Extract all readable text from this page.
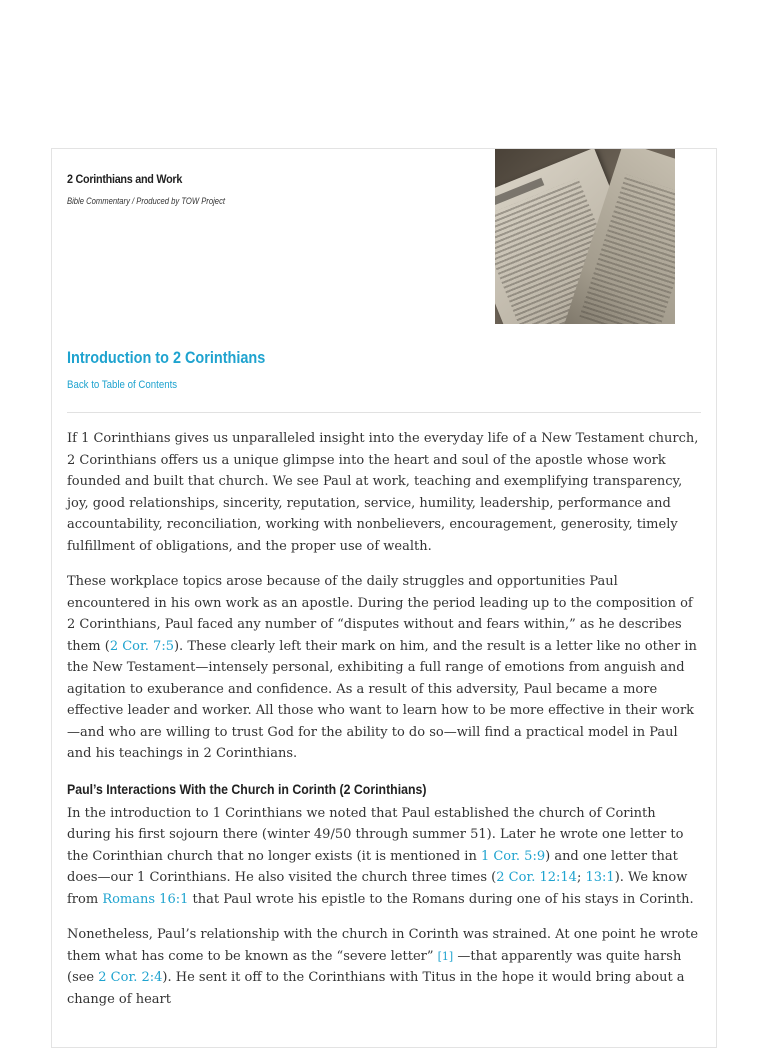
2 Corinthians and Work
Bible Commentary / Produced by TOW Project
Introduction to 2 Corinthians
Back to Table of Contents

If 1 Corinthians gives us unparalleled insight into the everyday life of a New Testament church, 2 Corinthians offers us a unique glimpse into the heart and soul of the apostle whose work founded and built that church. We see Paul at work, teaching and exemplifying transparency, joy, good relationships, sincerity, reputation, service, humility, leadership, performance and accountability, reconciliation, working with nonbelievers, encouragement, generosity, timely fulfillment of obligations, and the proper use of wealth.

These workplace topics arose because of the daily struggles and opportunities Paul encountered in his own work as an apostle. During the period leading up to the composition of 2 Corinthians, Paul faced any number of “disputes without and fears within,” as he describes them (2 Cor. 7:5). These clearly left their mark on him, and the result is a letter like no other in the New Testament—intensely personal, exhibiting a full range of emotions from anguish and agitation to exuberance and confidence. As a result of this adversity, Paul became a more effective leader and worker. All those who want to learn how to be more effective in their work—and who are willing to trust God for the ability to do so—will find a practical model in Paul and his teachings in 2 Corinthians.

Paul’s Interactions With the Church in Corinth (2 Corinthians)

In the introduction to 1 Corinthians we noted that Paul established the church of Corinth during his first sojourn there (winter 49/50 through summer 51). Later he wrote one letter to the Corinthian church that no longer exists (it is mentioned in 1 Cor. 5:9) and one letter that does—our 1 Corinthians. He also visited the church three times (2 Cor. 12:14; 13:1). We know from Romans 16:1 that Paul wrote his epistle to the Romans during one of his stays in Corinth.

Nonetheless, Paul’s relationship with the church in Corinth was strained. At one point he wrote them what has come to be known as the “severe letter” [1] —that apparently was quite harsh (see 2 Cor. 2:4). He sent it off to the Corinthians with Titus in the hope it would bring about a change of heart
